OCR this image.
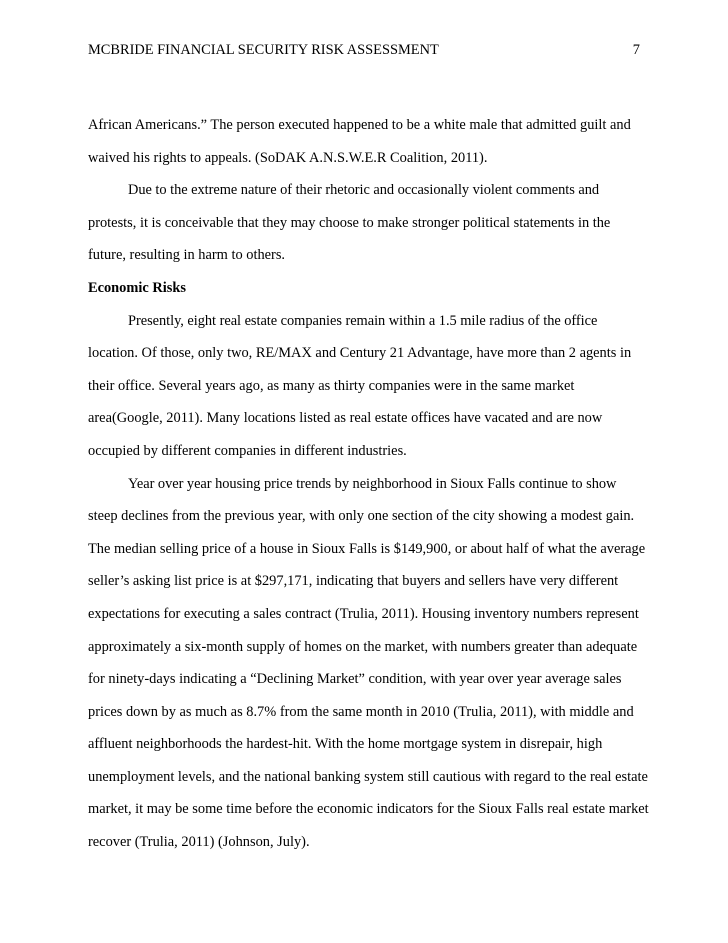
MCBRIDE FINANCIAL SECURITY RISK ASSESSMENT	7
African Americans.” The person executed happened to be a white male that admitted guilt and
waived his rights to appeals. (SoDAK A.N.S.W.E.R Coalition, 2011).
Due to the extreme nature of their rhetoric and occasionally violent comments and
protests, it is conceivable that they may choose to make stronger political statements in the
future, resulting in harm to others.
Economic Risks
Presently, eight real estate companies remain within a 1.5 mile radius of the office
location. Of those, only two, RE/MAX and Century 21 Advantage, have more than 2 agents in
their office. Several years ago, as many as thirty companies were in the same market
area(Google, 2011). Many locations listed as real estate offices have vacated and are now
occupied by different companies in different industries.
Year over year housing price trends by neighborhood in Sioux Falls continue to show
steep declines from the previous year, with only one section of the city showing a modest gain.
The median selling price of a house in Sioux Falls is $149,900, or about half of what the average
seller’s asking list price is at $297,171, indicating that buyers and sellers have very different
expectations for executing a sales contract (Trulia, 2011). Housing inventory numbers represent
approximately a six-month supply of homes on the market, with numbers greater than adequate
for ninety-days indicating a “Declining Market” condition, with year over year average sales
prices down by as much as 8.7% from the same month in 2010 (Trulia, 2011), with middle and
affluent neighborhoods the hardest-hit. With the home mortgage system in disrepair, high
unemployment levels, and the national banking system still cautious with regard to the real estate
market, it may be some time before the economic indicators for the Sioux Falls real estate market
recover (Trulia, 2011) (Johnson, July).
